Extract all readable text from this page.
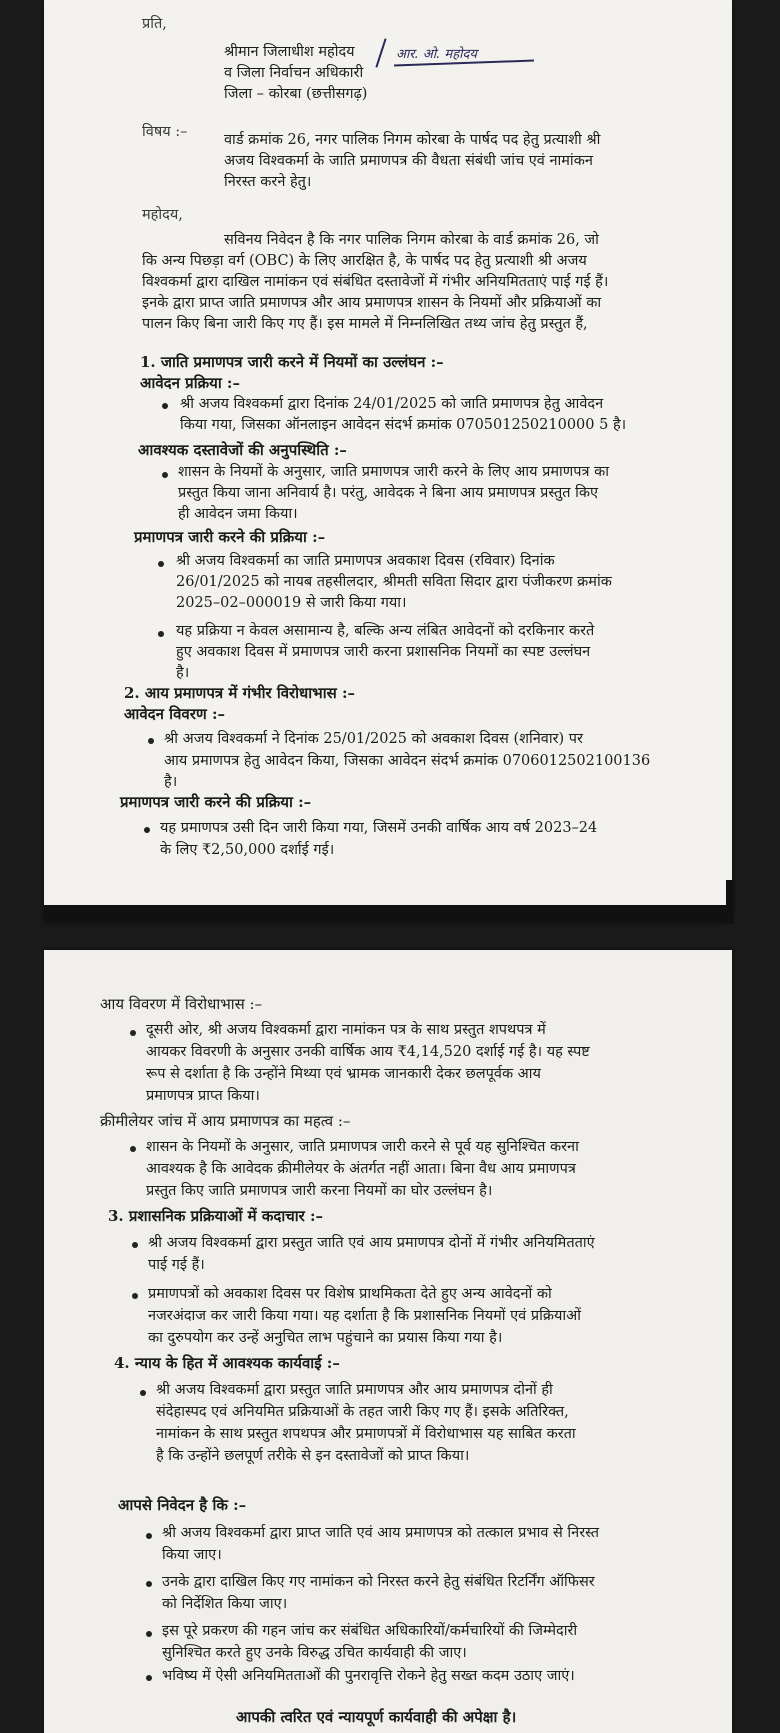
प्रति,
श्रीमान जिलाधीश महोदय
व जिला निर्वाचन अधिकारी
जिला – कोरबा (छत्तीसगढ़)
आर. ओ. महोदय
विषय :–	वार्ड क्रमांक 26, नगर पालिक निगम कोरबा के पार्षद पद हेतु प्रत्याशी श्री
अजय विश्वकर्मा के जाति प्रमाणपत्र की वैधता संबंधी जांच एवं नामांकन
निरस्त करने हेतु।
महोदय,
सविनय निवेदन है कि नगर पालिक निगम कोरबा के वार्ड क्रमांक 26, जो
कि अन्य पिछड़ा वर्ग (OBC) के लिए आरक्षित है, के पार्षद पद हेतु प्रत्याशी श्री अजय
विश्वकर्मा द्वारा दाखिल नामांकन एवं संबंधित दस्तावेजों में गंभीर अनियमितताएं पाई गई हैं।
इनके द्वारा प्राप्त जाति प्रमाणपत्र और आय प्रमाणपत्र शासन के नियमों और प्रक्रियाओं का
पालन किए बिना जारी किए गए हैं। इस मामले में निम्नलिखित तथ्य जांच हेतु प्रस्तुत हैं,
1. जाति प्रमाणपत्र जारी करने में नियमों का उल्लंघन :–
आवेदन प्रक्रिया :–
श्री अजय विश्वकर्मा द्वारा दिनांक 24/01/2025 को जाति प्रमाणपत्र हेतु आवेदन
किया गया, जिसका ऑनलाइन आवेदन संदर्भ क्रमांक 070501250210000 5 है।
आवश्यक दस्तावेजों की अनुपस्थिति :–
शासन के नियमों के अनुसार, जाति प्रमाणपत्र जारी करने के लिए आय प्रमाणपत्र का
प्रस्तुत किया जाना अनिवार्य है। परंतु, आवेदक ने बिना आय प्रमाणपत्र प्रस्तुत किए
ही आवेदन जमा किया।
प्रमाणपत्र जारी करने की प्रक्रिया :–
श्री अजय विश्वकर्मा का जाति प्रमाणपत्र अवकाश दिवस (रविवार) दिनांक
26/01/2025 को नायब तहसीलदार, श्रीमती सविता सिदार द्वारा पंजीकरण क्रमांक
2025–02–000019 से जारी किया गया।
यह प्रक्रिया न केवल असामान्य है, बल्कि अन्य लंबित आवेदनों को दरकिनार करते
हुए अवकाश दिवस में प्रमाणपत्र जारी करना प्रशासनिक नियमों का स्पष्ट उल्लंघन
है।
2. आय प्रमाणपत्र में गंभीर विरोधाभास :–
आवेदन विवरण :–
श्री अजय विश्वकर्मा ने दिनांक 25/01/2025 को अवकाश दिवस (शनिवार) पर
आय प्रमाणपत्र हेतु आवेदन किया, जिसका आवेदन संदर्भ क्रमांक 0706012502100136
है।
प्रमाणपत्र जारी करने की प्रक्रिया :–
यह प्रमाणपत्र उसी दिन जारी किया गया, जिसमें उनकी वार्षिक आय वर्ष 2023–24
के लिए ₹2,50,000 दर्शाई गई।
आय विवरण में विरोधाभास :–
दूसरी ओर, श्री अजय विश्वकर्मा द्वारा नामांकन पत्र के साथ प्रस्तुत शपथपत्र में
आयकर विवरणी के अनुसार उनकी वार्षिक आय ₹4,14,520 दर्शाई गई है। यह स्पष्ट
रूप से दर्शाता है कि उन्होंने मिथ्या एवं भ्रामक जानकारी देकर छलपूर्वक आय
प्रमाणपत्र प्राप्त किया।
क्रीमीलेयर जांच में आय प्रमाणपत्र का महत्व :–
शासन के नियमों के अनुसार, जाति प्रमाणपत्र जारी करने से पूर्व यह सुनिश्चित करना
आवश्यक है कि आवेदक क्रीमीलेयर के अंतर्गत नहीं आता। बिना वैध आय प्रमाणपत्र
प्रस्तुत किए जाति प्रमाणपत्र जारी करना नियमों का घोर उल्लंघन है।
3. प्रशासनिक प्रक्रियाओं में कदाचार :–
श्री अजय विश्वकर्मा द्वारा प्रस्तुत जाति एवं आय प्रमाणपत्र दोनों में गंभीर अनियमितताएं
पाई गई हैं।
प्रमाणपत्रों को अवकाश दिवस पर विशेष प्राथमिकता देते हुए अन्य आवेदनों को
नजरअंदाज कर जारी किया गया। यह दर्शाता है कि प्रशासनिक नियमों एवं प्रक्रियाओं
का दुरुपयोग कर उन्हें अनुचित लाभ पहुंचाने का प्रयास किया गया है।
4. न्याय के हित में आवश्यक कार्यवाई :–
श्री अजय विश्वकर्मा द्वारा प्रस्तुत जाति प्रमाणपत्र और आय प्रमाणपत्र दोनों ही
संदेहास्पद एवं अनियमित प्रक्रियाओं के तहत जारी किए गए हैं। इसके अतिरिक्त,
नामांकन के साथ प्रस्तुत शपथपत्र और प्रमाणपत्रों में विरोधाभास यह साबित करता
है कि उन्होंने छलपूर्ण तरीके से इन दस्तावेजों को प्राप्त किया।
आपसे निवेदन है कि :–
श्री अजय विश्वकर्मा द्वारा प्राप्त जाति एवं आय प्रमाणपत्र को तत्काल प्रभाव से निरस्त
किया जाए।
उनके द्वारा दाखिल किए गए नामांकन को निरस्त करने हेतु संबंधित रिटर्निंग ऑफिसर
को निर्देशित किया जाए।
इस पूरे प्रकरण की गहन जांच कर संबंधित अधिकारियों/कर्मचारियों की जिम्मेदारी
सुनिश्चित करते हुए उनके विरुद्ध उचित कार्यवाही की जाए।
भविष्य में ऐसी अनियमितताओं की पुनरावृत्ति रोकने हेतु सख्त कदम उठाए जाएं।
आपकी त्वरित एवं न्यायपूर्ण कार्यवाही की अपेक्षा है।
